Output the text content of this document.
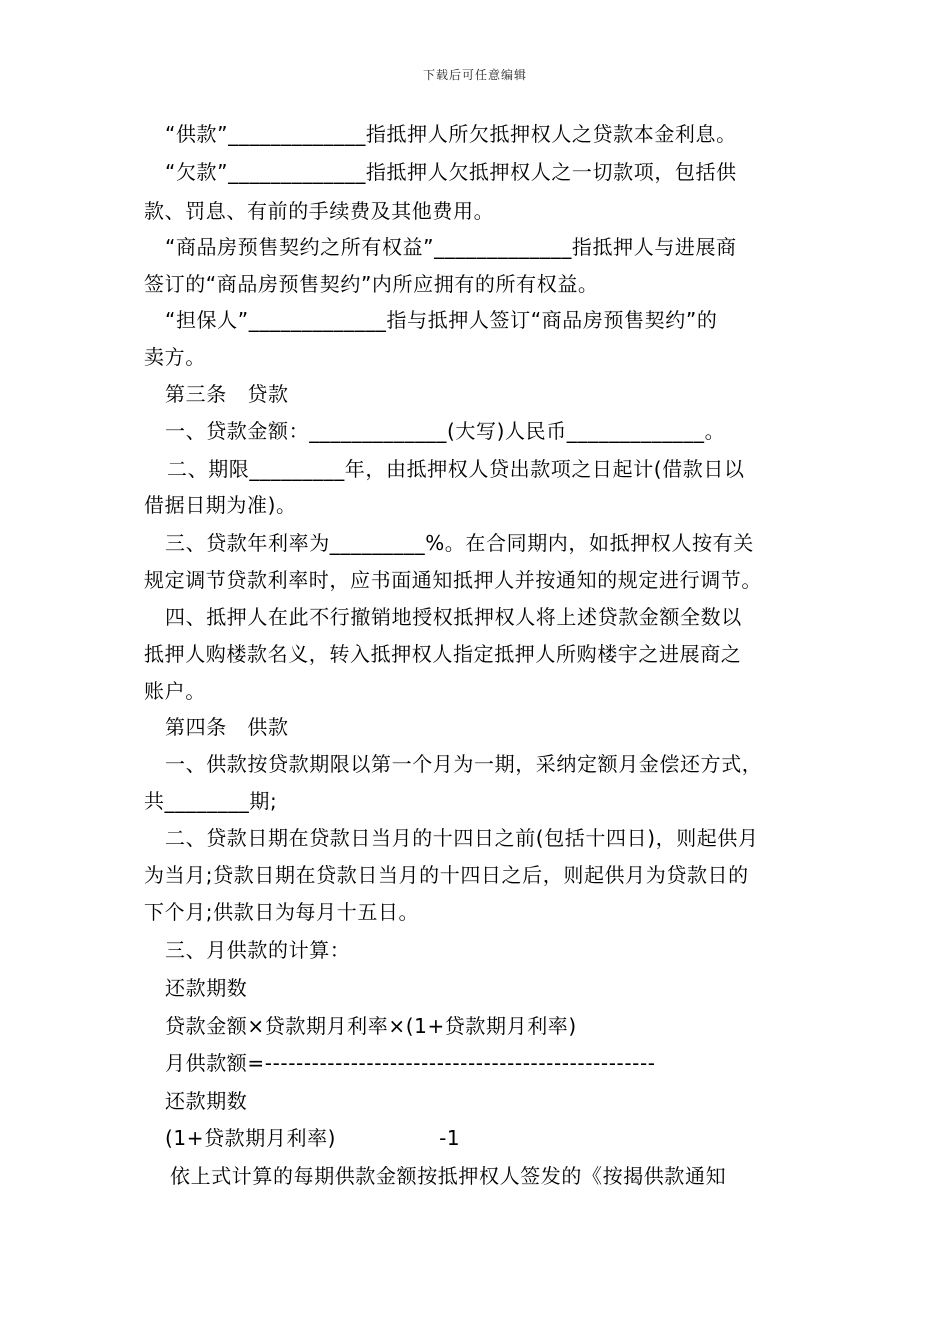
下载后可任意编辑
“供款”_____________指抵押人所欠抵押权人之贷款本金利息。
“欠款”_____________指抵押人欠抵押权人之一切款项，包括供
款、罚息、有前的手续费及其他费用。
“商品房预售契约之所有权益”_____________指抵押人与进展商
签订的“商品房预售契约”内所应拥有的所有权益。
“担保人”_____________指与抵押人签订“商品房预售契约”的
卖方。
第三条　贷款
一、贷款金额：_____________(大写)人民币_____________。
二、期限_________年，由抵押权人贷出款项之日起计(借款日以
借据日期为准)。
三、贷款年利率为_________%。在合同期内，如抵押权人按有关
规定调节贷款利率时，应书面通知抵押人并按通知的规定进行调节。
四、抵押人在此不行撤销地授权抵押权人将上述贷款金额全数以
抵押人购楼款名义，转入抵押权人指定抵押人所购楼宇之进展商之
账户。
第四条　供款
一、供款按贷款期限以第一个月为一期，采纳定额月金偿还方式，
共________期;
二、贷款日期在贷款日当月的十四日之前(包括十四日)，则起供月
为当月;贷款日期在贷款日当月的十四日之后，则起供月为贷款日的
下个月;供款日为每月十五日。
三、月供款的计算：
还款期数
贷款金额×贷款期月利率×(1+贷款期月利率)
月供款额=--------------------------------------------------
还款期数
(1+贷款期月利率)　　　　　-1
依上式计算的每期供款金额按抵押权人签发的《按揭供款通知
